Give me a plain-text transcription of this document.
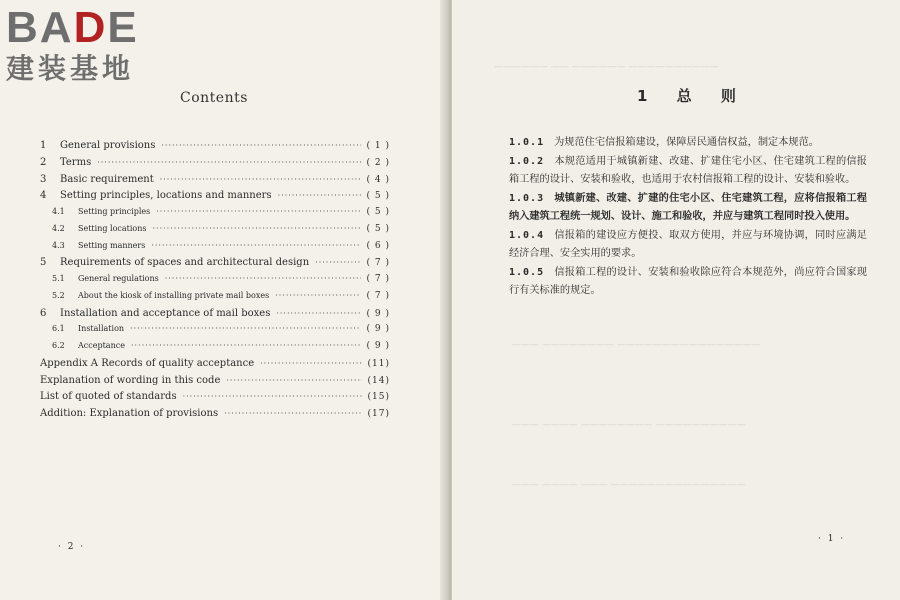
BADE
建装基地
Contents
1	General provisions ·····	( 1 )
2	Terms ·····	( 2 )
3	Basic requirement ·····	( 4 )
4	Setting principles, locations and manners ·····	( 5 )
4.1	Setting principles ·····	( 5 )
4.2	Setting locations ·····	( 5 )
4.3	Setting manners ·····	( 6 )
5	Requirements of spaces and architectural design ·····	( 7 )
5.1	General regulations ·····	( 7 )
5.2	About the kiosk of installing private mail boxes ·····	( 7 )
6	Installation and acceptance of mail boxes ·····	( 9 )
6.1	Installation ·····	( 9 )
6.2	Acceptance ·····	( 9 )
Appendix A Records of quality acceptance ·····	(11)
Explanation of wording in this code ·····	(14)
List of quoted of standards ·····	(15)
Addition: Explanation of provisions ·····	(17)
· 2 ·
—————— —— —————— ——————————
——— ———————— ————————————————
——— ———— ———————— ——————————
——— ———— ——— ———————————————
1 总 则
1.0.1 为规范住宅信报箱建设，保障居民通信权益，制定本规范。
1.0.2 本规范适用于城镇新建、改建、扩建住宅小区、住宅建筑工程的信报箱工程的设计、安装和验收，也适用于农村信报箱工程的设计、安装和验收。
1.0.3 城镇新建、改建、扩建的住宅小区、住宅建筑工程，应将信报箱工程纳入建筑工程统一规划、设计、施工和验收，并应与建筑工程同时投入使用。
1.0.4 信报箱的建设应方便投、取双方使用，并应与环境协调，同时应满足经济合理、安全实用的要求。
1.0.5 信报箱工程的设计、安装和验收除应符合本规范外，尚应符合国家现行有关标准的规定。
· 1 ·
